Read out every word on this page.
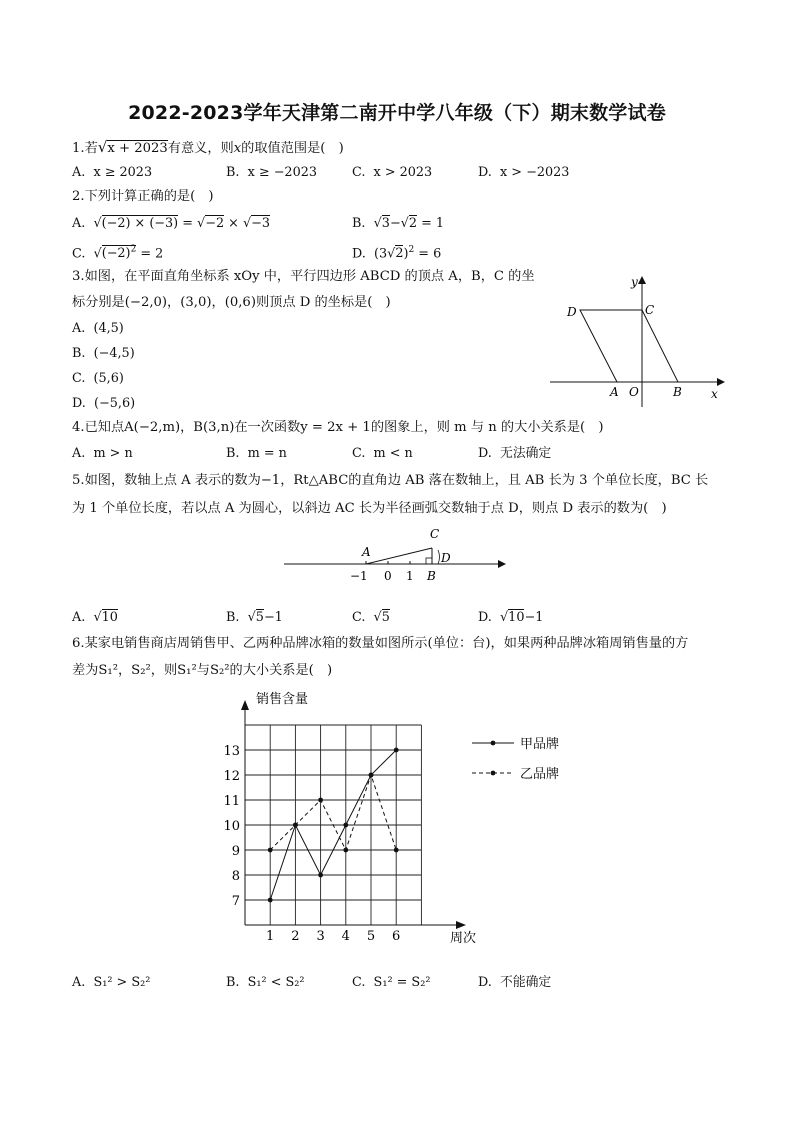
2022-2023学年天津第二南开中学八年级（下）期末数学试卷
1.若√x + 2023有意义，则x的取值范围是(　)
A. x ≥ 2023	B. x ≥ −2023	C. x > 2023	D. x > −2023
2.下列计算正确的是(　)
A.  √(−2) × (−3) = √−2 × √−3	B.  √3−√2 = 1
C.  $√(-2)^2 = 2$	D. $(3√2)^2 = 6$
3.如图，在平面直角坐标系 xOy 中，平行四边形 ABCD 的顶点 A，B，C 的坐
标分别是(−2,0)，(3,0)，(0,6)则顶点 D 的坐标是(　)
A. (4,5)
B. (−4,5)
C. (5,6)
D. (−5,6)
D	C
A O	B x
y
4.已知点A(−2,m)，B(3,n)在一次函数y = 2x + 1的图象上，则 m 与 n 的大小关系是(　)
A. m > n	B. m = n	C. m < n	D. 无法确定
5.如图，数轴上点 A 表示的数为−1，Rt△ABC的直角边 AB 落在数轴上，且 AB 长为 3 个单位长度，BC 长
为 1 个单位长度，若以点 A 为圆心，以斜边 AC 长为半径画弧交数轴于点 D，则点 D 表示的数为(　)
A
C
D
−1 0 1 B
A.  √10	B.  √5−1	C.  √5	D.  √10−1
6.某家电销售商店周销售甲、乙两种品牌冰箱的数量如图所示(单位：台)，如果两种品牌冰箱周销售量的方
差为S₁²，S₂²，则S₁²与S₂²的大小关系是(　)
销售含量
周次
1 2 3 4 5 6
7
8
9
10
11
12
13	甲品牌
乙品牌
A. S₁² > S₂²	B. S₁² < S₂²	C. S₁² = S₂²	D. 不能确定
